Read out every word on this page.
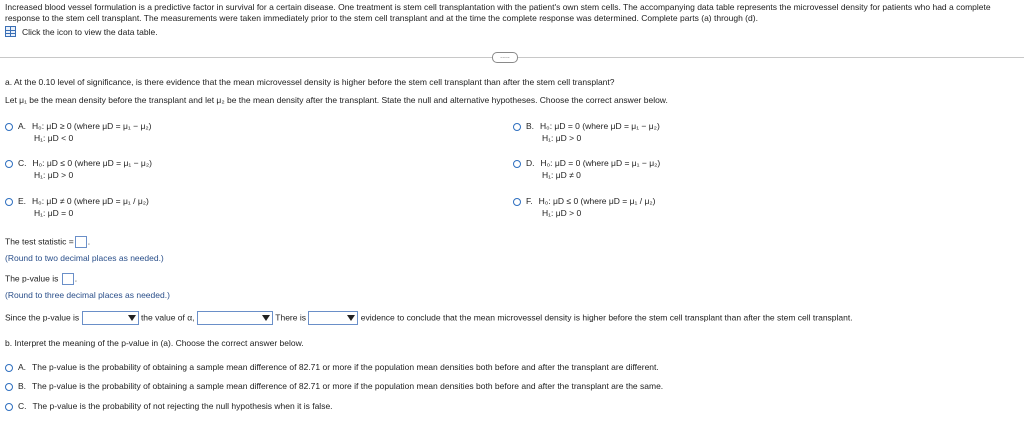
Increased blood vessel formulation is a predictive factor in survival for a certain disease. One treatment is stem cell transplantation with the patient's own stem cells. The accompanying data table represents the microvessel density for patients who had a complete response to the stem cell transplant. The measurements were taken immediately prior to the stem cell transplant and at the time the complete response was determined. Complete parts (a) through (d).
Click the icon to view the data table.
.....
a. At the 0.10 level of significance, is there evidence that the mean microvessel density is higher before the stem cell transplant than after the stem cell transplant?
Let μ₁ be the mean density before the transplant and let μ₂ be the mean density after the transplant. State the null and alternative hypotheses. Choose the correct answer below.
A. H₀: μD ≥ 0 (where μD = μ₁ − μ₂)
H₁: μD < 0
B. H₀: μD = 0 (where μD = μ₁ − μ₂)
H₁: μD > 0
C. H₀: μD ≤ 0 (where μD = μ₁ − μ₂)
H₁: μD > 0
D. H₀: μD = 0 (where μD = μ₁ − μ₂)
H₁: μD ≠ 0
E. H₀: μD ≠ 0 (where μD = μ₁ / μ₂)
H₁: μD = 0
F. H₀: μD ≤ 0 (where μD = μ₁ / μ₂)
H₁: μD > 0
The test statistic = .
(Round to two decimal places as needed.)
The p-value is .
(Round to three decimal places as needed.)
Since the p-value is	the value of α,	There is	evidence to conclude that the mean microvessel density is higher before the stem cell transplant than after the stem cell transplant.
b. Interpret the meaning of the p-value in (a). Choose the correct answer below.
A. The p-value is the probability of obtaining a sample mean difference of 82.71 or more if the population mean densities both before and after the transplant are different.
B. The p-value is the probability of obtaining a sample mean difference of 82.71 or more if the population mean densities both before and after the transplant are the same.
C. The p-value is the probability of not rejecting the null hypothesis when it is false.
